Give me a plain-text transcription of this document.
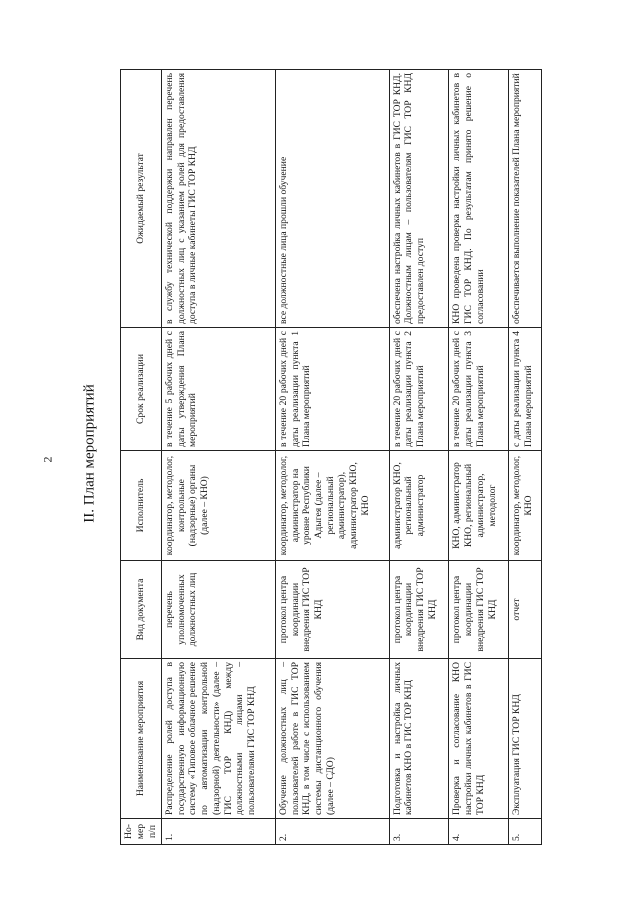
2 II. План мероприятий
Но-мер п/п	Наименование мероприятия	Вид документа	Исполнитель	Срок реализации	Ожидаемый результат
1.	Распределение ролей доступа в государственную информационную систему «Типовое облачное решение по автоматизации контрольной (надзорной) деятельности» (далее – ГИС ТОР КНД) между должностными лицами – пользователями ГИС ТОР КНД	перечень уполномоченных должностных лиц	координатор, методолог, контрольные (надзорные) органы (далее – КНО)	в течение 5 рабочих дней с даты утверждения Плана мероприятий	в службу технической поддержки направлен перечень должностных лиц с указанием ролей для предоставления доступа в личные кабинеты ГИС ТОР КНД
2.	Обучение должностных лиц – пользователей работе в ГИС ТОР КНД, в том числе с использованием системы дистанционного обучения (далее – СДО)	протокол центра координации внедрения ГИС ТОР КНД	координатор, методолог, администратор на уровне Республики Адыгея (далее – региональный администратор), администратор КНО, КНО	в течение 20 рабочих дней с даты реализации пункта 1 Плана мероприятий	все должностные лица прошли обучение
3.	Подготовка и настройка личных кабинетов КНО в ГИС ТОР КНД	протокол центра координации внедрения ГИС ТОР КНД	администратор КНО, региональный администратор	в течение 20 рабочих дней с даты реализации пункта 2 Плана мероприятий	обеспечена настройка личных кабинетов в ГИС ТОР КНД. Должностным лицам – пользователям ГИС ТОР КНД предоставлен доступ
4.	Проверка и согласование КНО настройки личных кабинетов в ГИС ТОР КНД	протокол центра координации внедрения ГИС ТОР КНД	КНО, администратор КНО, региональный администратор, методолог	в течение 20 рабочих дней с даты реализации пункта 3 Плана мероприятий	КНО проведена проверка настройки личных кабинетов в ГИС ТОР КНД. По результатам принято решение о согласовании
5.	Эксплуатация ГИС ТОР КНД	отчет	координатор, методолог, КНО	с даты реализации пункта 4 Плана мероприятий	обеспечивается выполнение показателей Плана мероприятий
